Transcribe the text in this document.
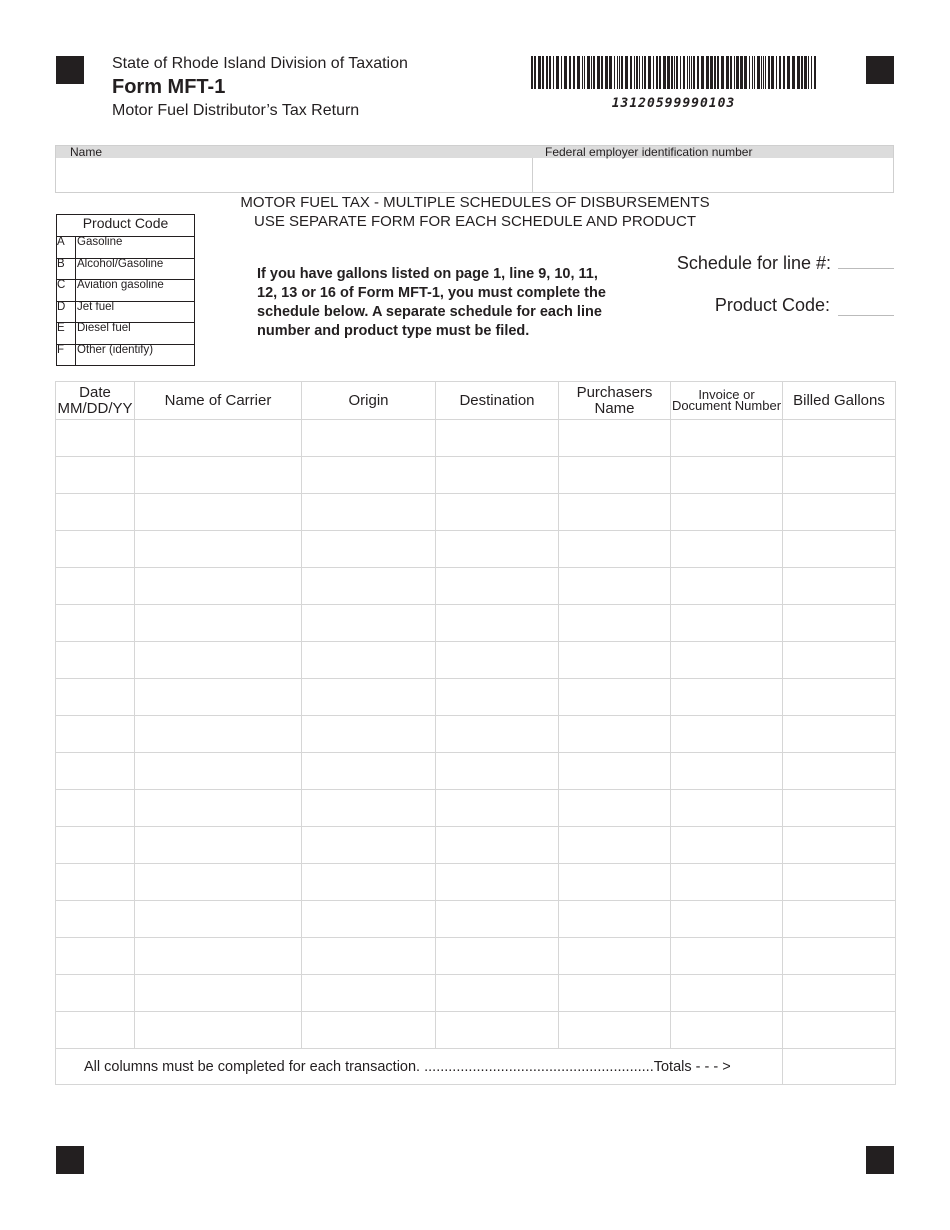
State of Rhode Island Division of Taxation
Form MFT-1
Motor Fuel Distributor’s Tax Return	13120599990103
Name	Federal employer identification number
MOTOR FUEL TAX - MULTIPLE SCHEDULES OF DISBURSEMENTS
USE SEPARATE FORM FOR EACH SCHEDULE AND PRODUCT
Product Code
A	Gasoline
B	Alcohol/Gasoline
C	Aviation gasoline
D	Jet fuel
E	Diesel fuel
F	Other (identify)
If you have gallons listed on page 1, line 9, 10, 11, 12, 13 or 16 of Form MFT-1, you must complete the schedule below. A separate schedule for each line number and product type must be filed.
Schedule for line #:
Product Code:
Date MM/DD/YY	Name of Carrier	Origin	Destination	Purchasers Name	Invoice or Document Number	Billed Gallons

All columns must be completed for each transaction. .........................................................Totals - - - >						
